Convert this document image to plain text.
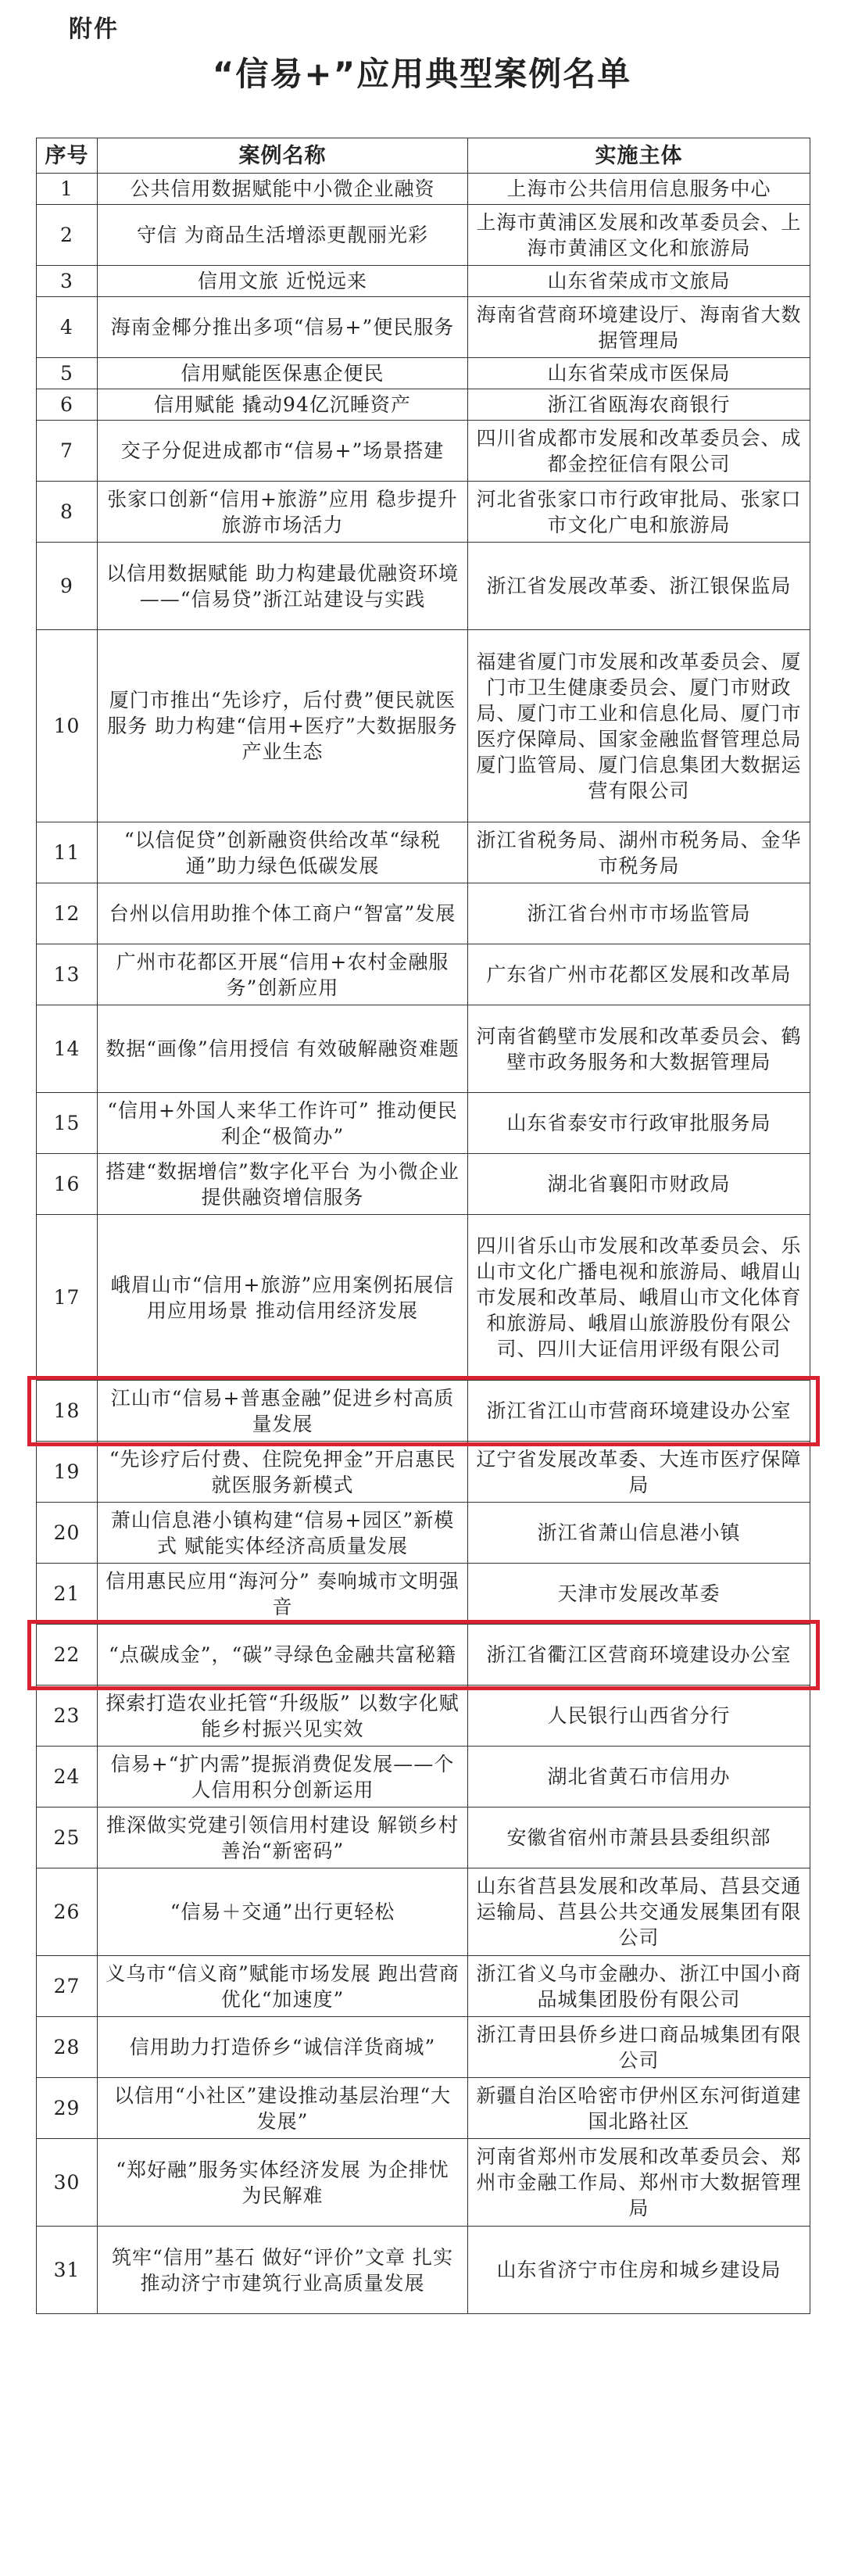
附件
“信易+”应用典型案例名单
序号	案例名称	实施主体
1	公共信用数据赋能中小微企业融资	上海市公共信用信息服务中心
2	守信 为商品生活增添更靓丽光彩	上海市黄浦区发展和改革委员会、上海市黄浦区文化和旅游局
3	信用文旅 近悦远来	山东省荣成市文旅局
4	海南金椰分推出多项“信易+”便民服务	海南省营商环境建设厅、海南省大数据管理局
5	信用赋能医保惠企便民	山东省荣成市医保局
6	信用赋能 撬动94亿沉睡资产	浙江省瓯海农商银行
7	交子分促进成都市“信易+”场景搭建	四川省成都市发展和改革委员会、成都金控征信有限公司
8	张家口创新“信用+旅游”应用 稳步提升旅游市场活力	河北省张家口市行政审批局、张家口市文化广电和旅游局
9	以信用数据赋能 助力构建最优融资环境——“信易贷”浙江站建设与实践	浙江省发展改革委、浙江银保监局
10	厦门市推出“先诊疗，后付费”便民就医服务 助力构建“信用+医疗”大数据服务产业生态	福建省厦门市发展和改革委员会、厦门市卫生健康委员会、厦门市财政局、厦门市工业和信息化局、厦门市医疗保障局、国家金融监督管理总局厦门监管局、厦门信息集团大数据运营有限公司
11	“以信促贷”创新融资供给改革“绿税通”助力绿色低碳发展	浙江省税务局、湖州市税务局、金华市税务局
12	台州以信用助推个体工商户“智富”发展	浙江省台州市市场监管局
13	广州市花都区开展“信用+农村金融服务”创新应用	广东省广州市花都区发展和改革局
14	数据“画像”信用授信 有效破解融资难题	河南省鹤壁市发展和改革委员会、鹤壁市政务服务和大数据管理局
15	“信用+外国人来华工作许可” 推动便民利企“极简办”	山东省泰安市行政审批服务局
16	搭建“数据增信”数字化平台 为小微企业提供融资增信服务	湖北省襄阳市财政局
17	峨眉山市“信用+旅游”应用案例拓展信用应用场景 推动信用经济发展	四川省乐山市发展和改革委员会、乐山市文化广播电视和旅游局、峨眉山市发展和改革局、峨眉山市文化体育和旅游局、峨眉山旅游股份有限公司、四川大证信用评级有限公司
18	江山市“信易+普惠金融”促进乡村高质量发展	浙江省江山市营商环境建设办公室
19	“先诊疗后付费、住院免押金”开启惠民就医服务新模式	辽宁省发展改革委、大连市医疗保障局
20	萧山信息港小镇构建“信易+园区”新模式 赋能实体经济高质量发展	浙江省萧山信息港小镇
21	信用惠民应用“海河分” 奏响城市文明强音	天津市发展改革委
22	“点碳成金”，“碳”寻绿色金融共富秘籍	浙江省衢江区营商环境建设办公室
23	探索打造农业托管“升级版” 以数字化赋能乡村振兴见实效	人民银行山西省分行
24	信易+“扩内需”提振消费促发展——个人信用积分创新运用	湖北省黄石市信用办
25	推深做实党建引领信用村建设 解锁乡村善治“新密码”	安徽省宿州市萧县县委组织部
26	“信易＋交通”出行更轻松	山东省莒县发展和改革局、莒县交通运输局、莒县公共交通发展集团有限公司
27	义乌市“信义商”赋能市场发展 跑出营商优化“加速度”	浙江省义乌市金融办、浙江中国小商品城集团股份有限公司
28	信用助力打造侨乡“诚信洋货商城”	浙江青田县侨乡进口商品城集团有限公司
29	以信用“小社区”建设推动基层治理“大发展”	新疆自治区哈密市伊州区东河街道建国北路社区
30	“郑好融”服务实体经济发展 为企排忧 为民解难	河南省郑州市发展和改革委员会、郑州市金融工作局、郑州市大数据管理局
31	筑牢“信用”基石 做好“评价”文章 扎实推动济宁市建筑行业高质量发展	山东省济宁市住房和城乡建设局
